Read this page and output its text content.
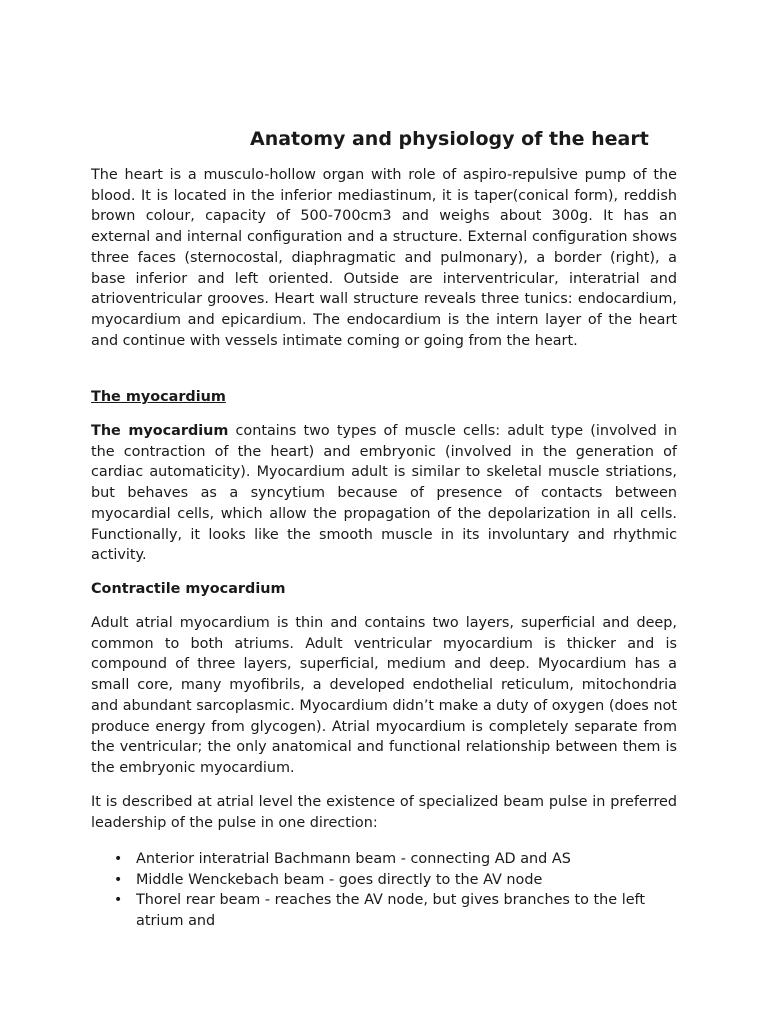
Anatomy and physiology of the heart

The heart is a musculo-hollow organ with role of aspiro-repulsive pump of the blood. It is located in the inferior mediastinum, it is taper(conical form), reddish brown colour, capacity of 500-700cm3 and weighs about 300g. It has an external and internal configuration and a structure. External configuration shows three faces (sternocostal, diaphragmatic and pulmonary), a border (right), a base inferior and left oriented. Outside are interventricular, interatrial and atrioventricular grooves. Heart wall structure reveals three tunics: endocardium, myocardium and epicardium. The endocardium is the intern layer of the heart and continue with vessels intimate coming or going from the heart.

The myocardium

The myocardium contains two types of muscle cells: adult type (involved in the contraction of the heart) and embryonic (involved in the generation of cardiac automaticity). Myocardium adult is similar to skeletal muscle striations, but behaves as a syncytium because of presence of contacts between myocardial cells, which allow the propagation of the depolarization in all cells. Functionally, it looks like the smooth muscle in its involuntary and rhythmic activity.

Contractile myocardium

Adult atrial myocardium is thin and contains two layers, superficial and deep, common to both atriums. Adult ventricular myocardium is thicker and is compound of three layers, superficial, medium and deep. Myocardium has a small core, many myofibrils, a developed endothelial reticulum, mitochondria and abundant sarcoplasmic. Myocardium didn’t make a duty of oxygen (does not produce energy from glycogen). Atrial myocardium is completely separate from the ventricular; the only anatomical and functional relationship between them is the embryonic myocardium.

It is described at atrial level the existence of specialized beam pulse in preferred leadership of the pulse in one direction:

• Anterior interatrial Bachmann beam - connecting AD and AS
• Middle Wenckebach beam - goes directly to the AV node
• Thorel rear beam - reaches the AV node, but gives branches to the left atrium and
